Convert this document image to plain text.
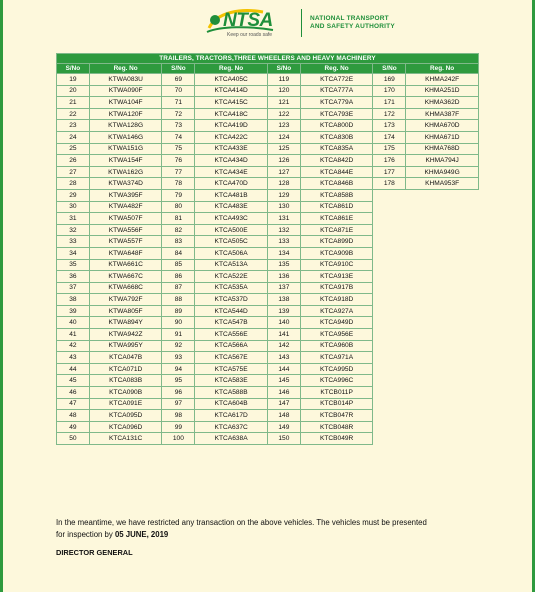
NTSA
Keep our roads safe
NATIONAL TRANSPORT
AND SAFETY AUTHORITY
TRAILERS, TRACTORS,THREE WHEELERS AND HEAVY MACHINERY							
S/No	Reg. No	S/No	Reg. No	S/No	Reg. No	S/No	Reg. No
19	KTWA083U	69	KTCA405C	119	KTCA772E	169	KHMA242F
20	KTWA090F	70	KTCA414D	120	KTCA777A	170	KHMA251D
21	KTWA104F	71	KTCA415C	121	KTCA779A	171	KHMA362D
22	KTWA120F	72	KTCA418C	122	KTCA793E	172	KHMA387F
23	KTWA128G	73	KTCA419D	123	KTCA800D	173	KHMA670D
24	KTWA146G	74	KTCA422C	124	KTCA830B	174	KHMA671D
25	KTWA151G	75	KTCA433E	125	KTCA835A	175	KHMA768D
26	KTWA154F	76	KTCA434D	126	KTCA842D	176	KHMA794J
27	KTWA162G	77	KTCA434E	127	KTCA844E	177	KHMA949G
28	KTWA374D	78	KTCA470D	128	KTCA846B	178	KHMA953F
29	KTWA395F	79	KTCA481B	129	KTCA858B		
30	KTWA482F	80	KTCA483E	130	KTCA861D		
31	KTWA507F	81	KTCA493C	131	KTCA861E		
32	KTWA556F	82	KTCA500E	132	KTCA871E		
33	KTWA557F	83	KTCA505C	133	KTCA899D		
34	KTWA648F	84	KTCA506A	134	KTCA909B		
35	KTWA661C	85	KTCA513A	135	KTCA910C		
36	KTWA667C	86	KTCA522E	136	KTCA913E		
37	KTWA668C	87	KTCA535A	137	KTCA917B		
38	KTWA792F	88	KTCA537D	138	KTCA918D		
39	KTWA805F	89	KTCA544D	139	KTCA927A		
40	KTWA894Y	90	KTCA547B	140	KTCA949D		
41	KTWA942Z	91	KTCA556E	141	KTCA956E		
42	KTWA995Y	92	KTCA566A	142	KTCA960B		
43	KTCA047B	93	KTCA567E	143	KTCA971A		
44	KTCA071D	94	KTCA575E	144	KTCA995D		
45	KTCA083B	95	KTCA583E	145	KTCA996C		
46	KTCA090B	96	KTCA588B	146	KTCB011P		
47	KTCA091E	97	KTCA604B	147	KTCB014P		
48	KTCA095D	98	KTCA617D	148	KTCB047R		
49	KTCA096D	99	KTCA637C	149	KTCB048R		
50	KTCA131C	100	KTCA638A	150	KTCB049R		
In the meantime, we have restricted any transaction on the above vehicles. The vehicles must be presented
for inspection by 05 JUNE, 2019
DIRECTOR GENERAL
